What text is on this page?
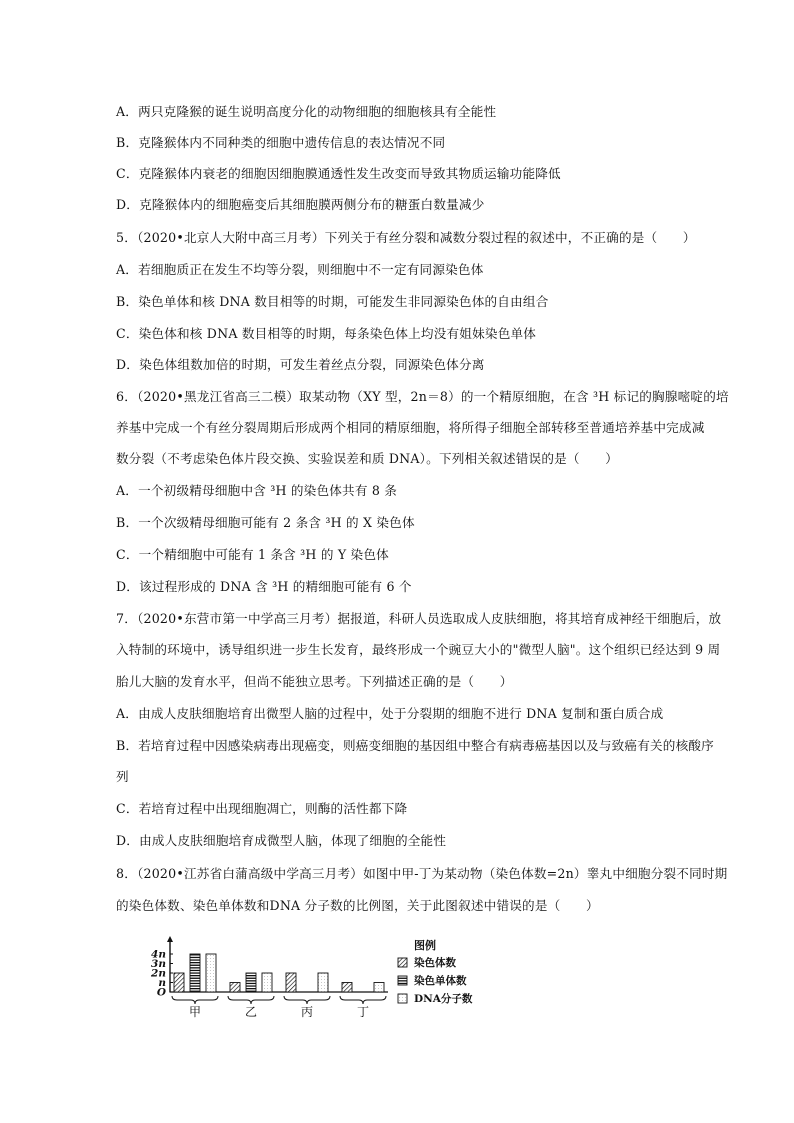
A．两只克隆猴的诞生说明高度分化的动物细胞的细胞核具有全能性
B．克隆猴体内不同种类的细胞中遗传信息的表达情况不同
C．克隆猴体内衰老的细胞因细胞膜通透性发生改变而导致其物质运输功能降低
D．克隆猴体内的细胞癌变后其细胞膜两侧分布的糖蛋白数量减少
5．（2020•北京人大附中高三月考）下列关于有丝分裂和减数分裂过程的叙述中，不正确的是（　　）
A．若细胞质正在发生不均等分裂，则细胞中不一定有同源染色体
B．染色单体和核 DNA 数目相等的时期，可能发生非同源染色体的自由组合
C．染色体和核 DNA 数目相等的时期，每条染色体上均没有姐妹染色单体
D．染色体组数加倍的时期，可发生着丝点分裂，同源染色体分离
6．（2020•黑龙江省高三二模）取某动物（XY 型，2n＝8）的一个精原细胞，在含 ³H 标记的胸腺嘧啶的培
养基中完成一个有丝分裂周期后形成两个相同的精原细胞，将所得子细胞全部转移至普通培养基中完成减
数分裂（不考虑染色体片段交换、实验误差和质 DNA）。下列相关叙述错误的是（　　）
A．一个初级精母细胞中含 ³H 的染色体共有 8 条
B．一个次级精母细胞可能有 2 条含 ³H 的 X 染色体
C．一个精细胞中可能有 1 条含 ³H 的 Y 染色体
D．该过程形成的 DNA 含 ³H 的精细胞可能有 6 个
7．（2020•东营市第一中学高三月考）据报道，科研人员选取成人皮肤细胞，将其培育成神经干细胞后，放
入特制的环境中，诱导组织进一步生长发育，最终形成一个豌豆大小的"微型人脑"。这个组织已经达到 9 周
胎儿大脑的发育水平，但尚不能独立思考。下列描述正确的是（　　）
A．由成人皮肤细胞培育出微型人脑的过程中，处于分裂期的细胞不进行 DNA 复制和蛋白质合成
B．若培育过程中因感染病毒出现癌变，则癌变细胞的基因组中整合有病毒癌基因以及与致癌有关的核酸序
列
C．若培育过程中出现细胞凋亡，则酶的活性都下降
D．由成人皮肤细胞培育成微型人脑，体现了细胞的全能性
8．（2020•江苏省白蒲高级中学高三月考）如图中甲-丁为某动物（染色体数=2n）睾丸中细胞分裂不同时期
的染色体数、染色单体数和DNA 分子数的比例图，关于此图叙述中错误的是（　　）
4n
3n
2n
n
O
甲	乙	丙	丁
图例
染色体数
染色单体数
DNA分子数
